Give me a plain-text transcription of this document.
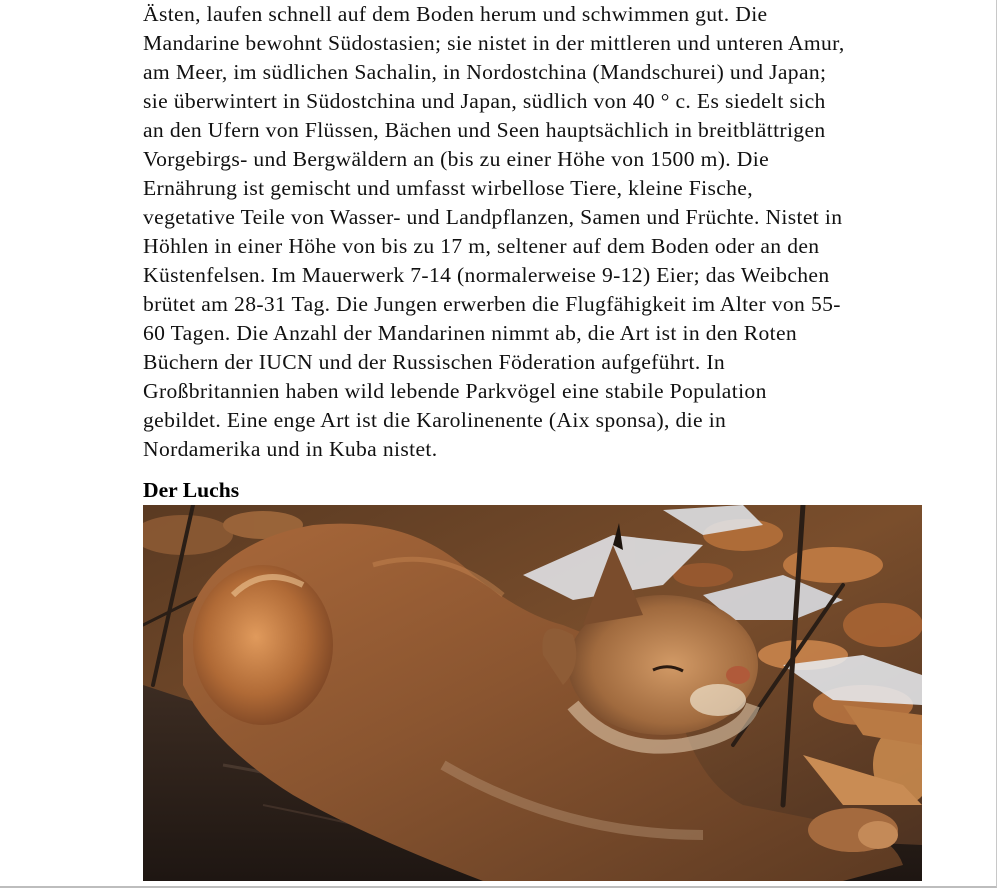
Ästen, laufen schnell auf dem Boden herum und schwimmen gut. Die
Mandarine bewohnt Südostasien; sie nistet in der mittleren und unteren Amur,
am Meer, im südlichen Sachalin, in Nordostchina (Mandschurei) und Japan;
sie überwintert in Südostchina und Japan, südlich von 40 ° c. Es siedelt sich
an den Ufern von Flüssen, Bächen und Seen hauptsächlich in breitblättrigen
Vorgebirgs- und Bergwäldern an (bis zu einer Höhe von 1500 m). Die
Ernährung ist gemischt und umfasst wirbellose Tiere, kleine Fische,
vegetative Teile von Wasser- und Landpflanzen, Samen und Früchte. Nistet in
Höhlen in einer Höhe von bis zu 17 m, seltener auf dem Boden oder an den
Küstenfelsen. Im Mauerwerk 7-14 (normalerweise 9-12) Eier; das Weibchen
brütet am 28-31 Tag. Die Jungen erwerben die Flugfähigkeit im Alter von 55-
60 Tagen. Die Anzahl der Mandarinen nimmt ab, die Art ist in den Roten
Büchern der IUCN und der Russischen Föderation aufgeführt. In
Großbritannien haben wild lebende Parkvögel eine stabile Population
gebildet. Eine enge Art ist die Karolinenente (Aix sponsa), die in
Nordamerika und in Kuba nistet.

Der Luchs
